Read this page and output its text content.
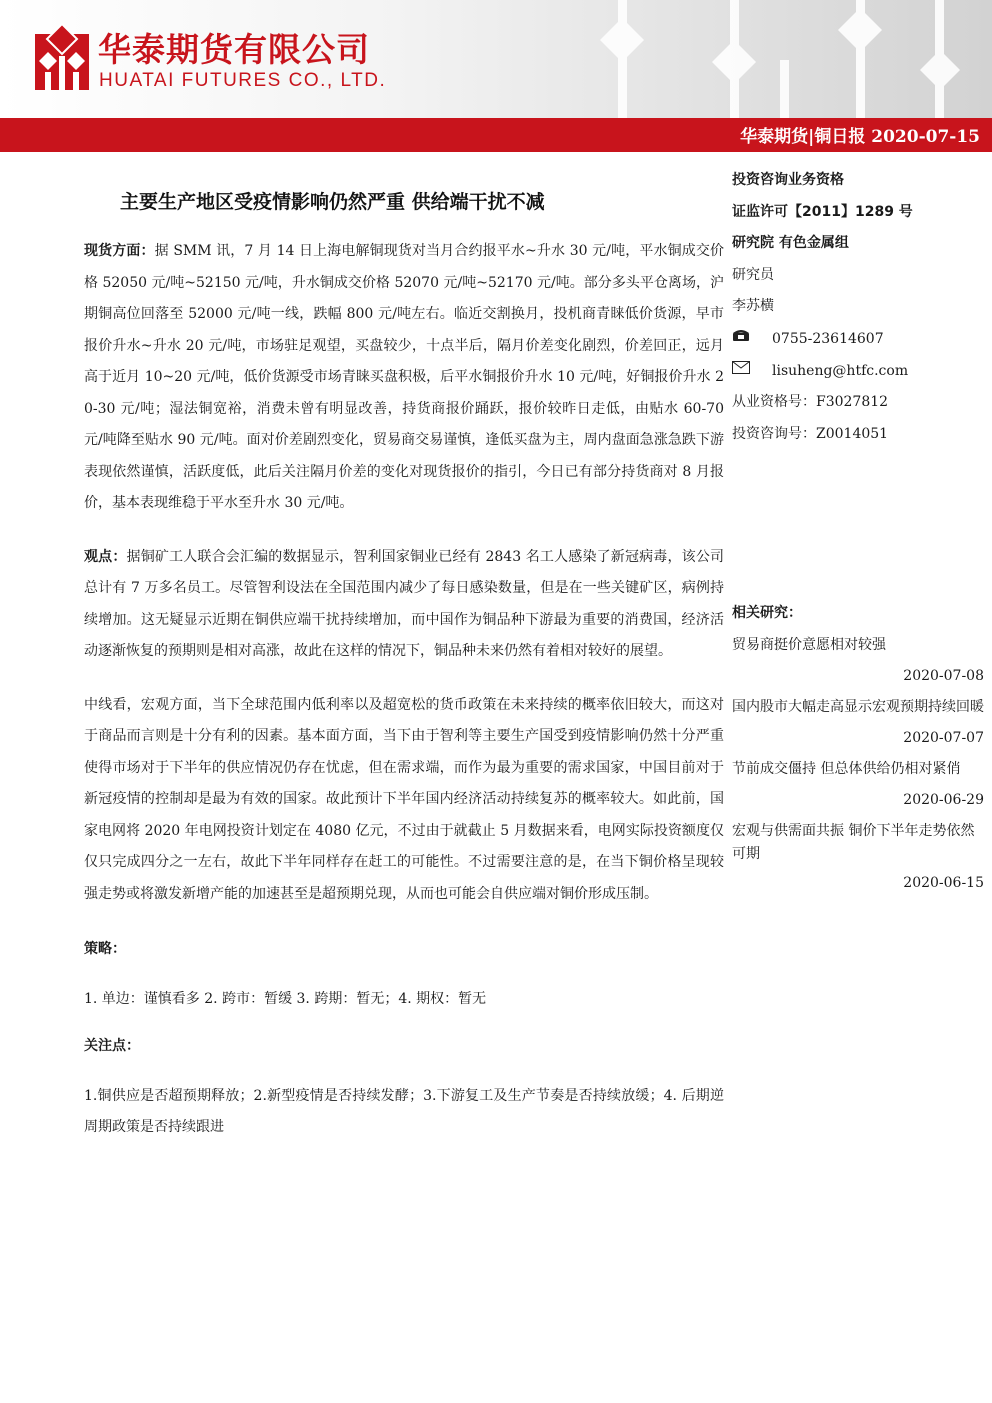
华泰期货有限公司
HUATAI FUTURES CO., LTD.
华泰期货|铜日报 2020-07-15
主要生产地区受疫情影响仍然严重 供给端干扰不减

现货方面：据 SMM 讯，7 月 14 日上海电解铜现货对当月合约报平水~升水 30 元/吨，平水铜成交价格 52050 元/吨~52150 元/吨，升水铜成交价格 52070 元/吨~52170 元/吨。部分多头平仓离场，沪期铜高位回落至 52000 元/吨一线，跌幅 800 元/吨左右。临近交割换月，投机商青睐低价货源，早市报价升水~升水 20 元/吨，市场驻足观望，买盘较少，十点半后，隔月价差变化剧烈，价差回正，远月高于近月 10~20 元/吨，低价货源受市场青睐买盘积极，后平水铜报价升水 10 元/吨，好铜报价升水 20-30 元/吨；湿法铜宽裕，消费未曾有明显改善，持货商报价踊跃，报价较昨日走低，由贴水 60-70 元/吨降至贴水 90 元/吨。面对价差剧烈变化，贸易商交易谨慎，逢低买盘为主，周内盘面急涨急跌下游表现依然谨慎，活跃度低，此后关注隔月价差的变化对现货报价的指引，今日已有部分持货商对 8 月报价，基本表现维稳于平水至升水 30 元/吨。

观点：据铜矿工人联合会汇编的数据显示，智利国家铜业已经有 2843 名工人感染了新冠病毒，该公司总计有 7 万多名员工。尽管智利设法在全国范围内减少了每日感染数量，但是在一些关键矿区，病例持续增加。这无疑显示近期在铜供应端干扰持续增加，而中国作为铜品种下游最为重要的消费国，经济活动逐渐恢复的预期则是相对高涨，故此在这样的情况下，铜品种未来仍然有着相对较好的展望。

中线看，宏观方面，当下全球范围内低利率以及超宽松的货币政策在未来持续的概率依旧较大，而这对于商品而言则是十分有利的因素。基本面方面，当下由于智利等主要生产国受到疫情影响仍然十分严重使得市场对于下半年的供应情况仍存在忧虑，但在需求端，而作为最为重要的需求国家，中国目前对于新冠疫情的控制却是最为有效的国家。故此预计下半年国内经济活动持续复苏的概率较大。如此前，国家电网将 2020 年电网投资计划定在 4080 亿元，不过由于就截止 5 月数据来看，电网实际投资额度仅仅只完成四分之一左右，故此下半年同样存在赶工的可能性。不过需要注意的是，在当下铜价格呈现较强走势或将激发新增产能的加速甚至是超预期兑现，从而也可能会自供应端对铜价形成压制。

策略：

1. 单边：谨慎看多 2. 跨市：暂缓 3. 跨期：暂无；4. 期权：暂无

关注点：

1.铜供应是否超预期释放；2.新型疫情是否持续发酵；3.下游复工及生产节奏是否持续放缓；4. 后期逆周期政策是否持续跟进

投资咨询业务资格
证监许可【2011】1289 号
研究院 有色金属组
研究员
李苏横
0755-23614607
lisuheng@htfc.com
从业资格号：F3027812
投资咨询号：Z0014051
相关研究：
贸易商挺价意愿相对较强
2020-07-08
国内股市大幅走高显示宏观预期持续回暖
2020-07-07
节前成交僵持 但总体供给仍相对紧俏
2020-06-29
宏观与供需面共振 铜价下半年走势依然可期
2020-06-15
